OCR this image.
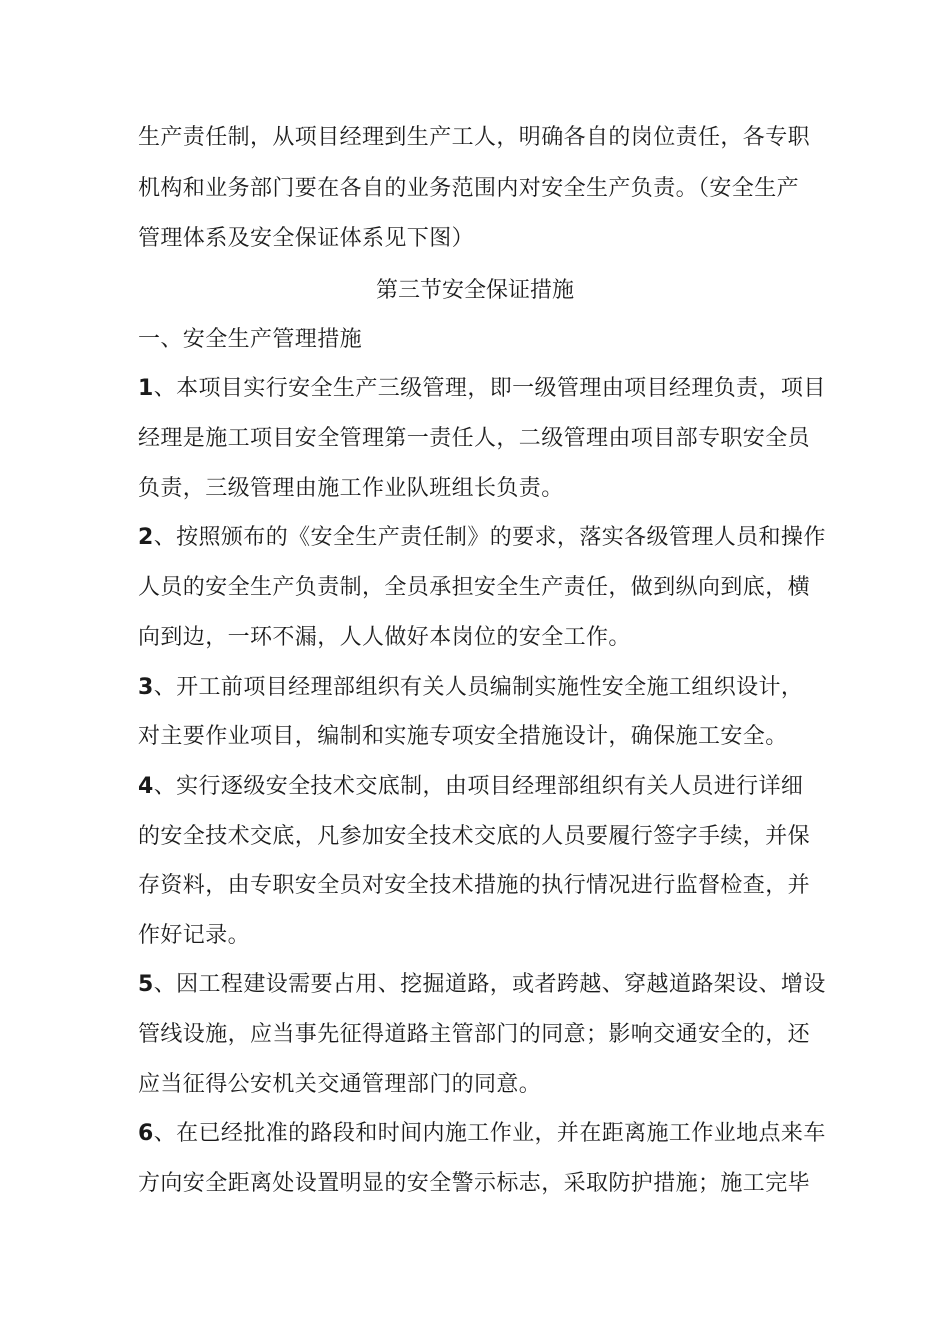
生产责任制，从项目经理到生产工人，明确各自的岗位责任，各专职
机构和业务部门要在各自的业务范围内对安全生产负责。（安全生产
管理体系及安全保证体系见下图）
第三节安全保证措施
一、安全生产管理措施
1、本项目实行安全生产三级管理，即一级管理由项目经理负责，项目
经理是施工项目安全管理第一责任人，二级管理由项目部专职安全员
负责，三级管理由施工作业队班组长负责。
2、按照颁布的《安全生产责任制》的要求，落实各级管理人员和操作
人员的安全生产负责制，全员承担安全生产责任，做到纵向到底，横
向到边，一环不漏，人人做好本岗位的安全工作。
3、开工前项目经理部组织有关人员编制实施性安全施工组织设计，
对主要作业项目，编制和实施专项安全措施设计，确保施工安全。
4、实行逐级安全技术交底制，由项目经理部组织有关人员进行详细
的安全技术交底，凡参加安全技术交底的人员要履行签字手续，并保
存资料，由专职安全员对安全技术措施的执行情况进行监督检查，并
作好记录。
5、因工程建设需要占用、挖掘道路，或者跨越、穿越道路架设、增设
管线设施，应当事先征得道路主管部门的同意；影响交通安全的，还
应当征得公安机关交通管理部门的同意。
6、在已经批准的路段和时间内施工作业，并在距离施工作业地点来车
方向安全距离处设置明显的安全警示标志，采取防护措施；施工完毕
